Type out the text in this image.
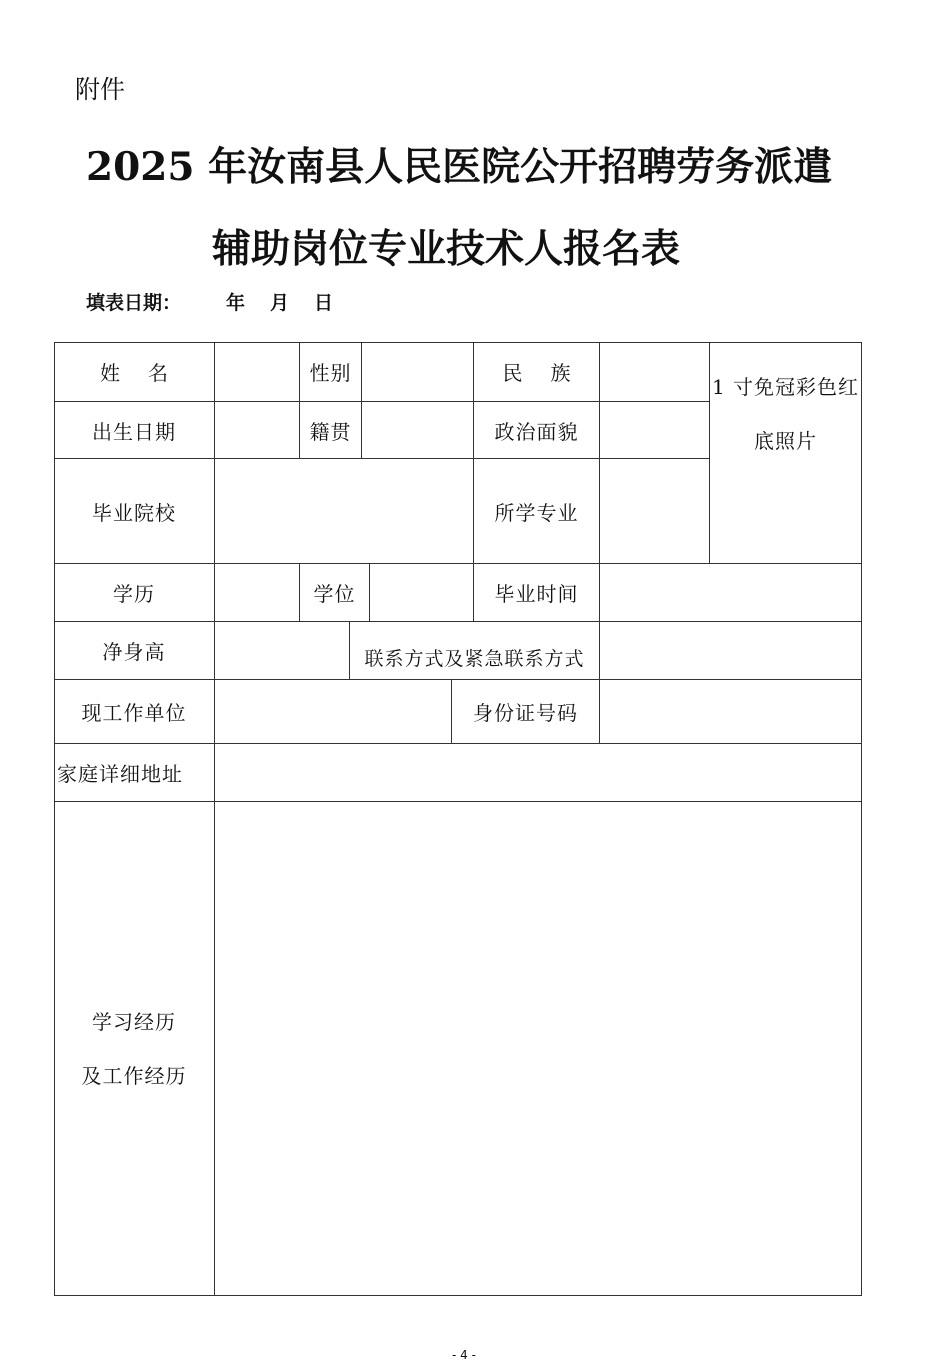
附件
2025 年汝南县人民医院公开招聘劳务派遣
辅助岗位专业技术人报名表
填表日期： 年 月 日
姓名	性别	民族
1 寸免冠彩色红
底照片
出生日期	籍贯	政治面貌
毕业院校	所学专业
学历	学位	毕业时间
净身高	联系方式及紧急联系方式
现工作单位	身份证号码
家庭详细地址
学习经历
及工作经历
- 4 -
